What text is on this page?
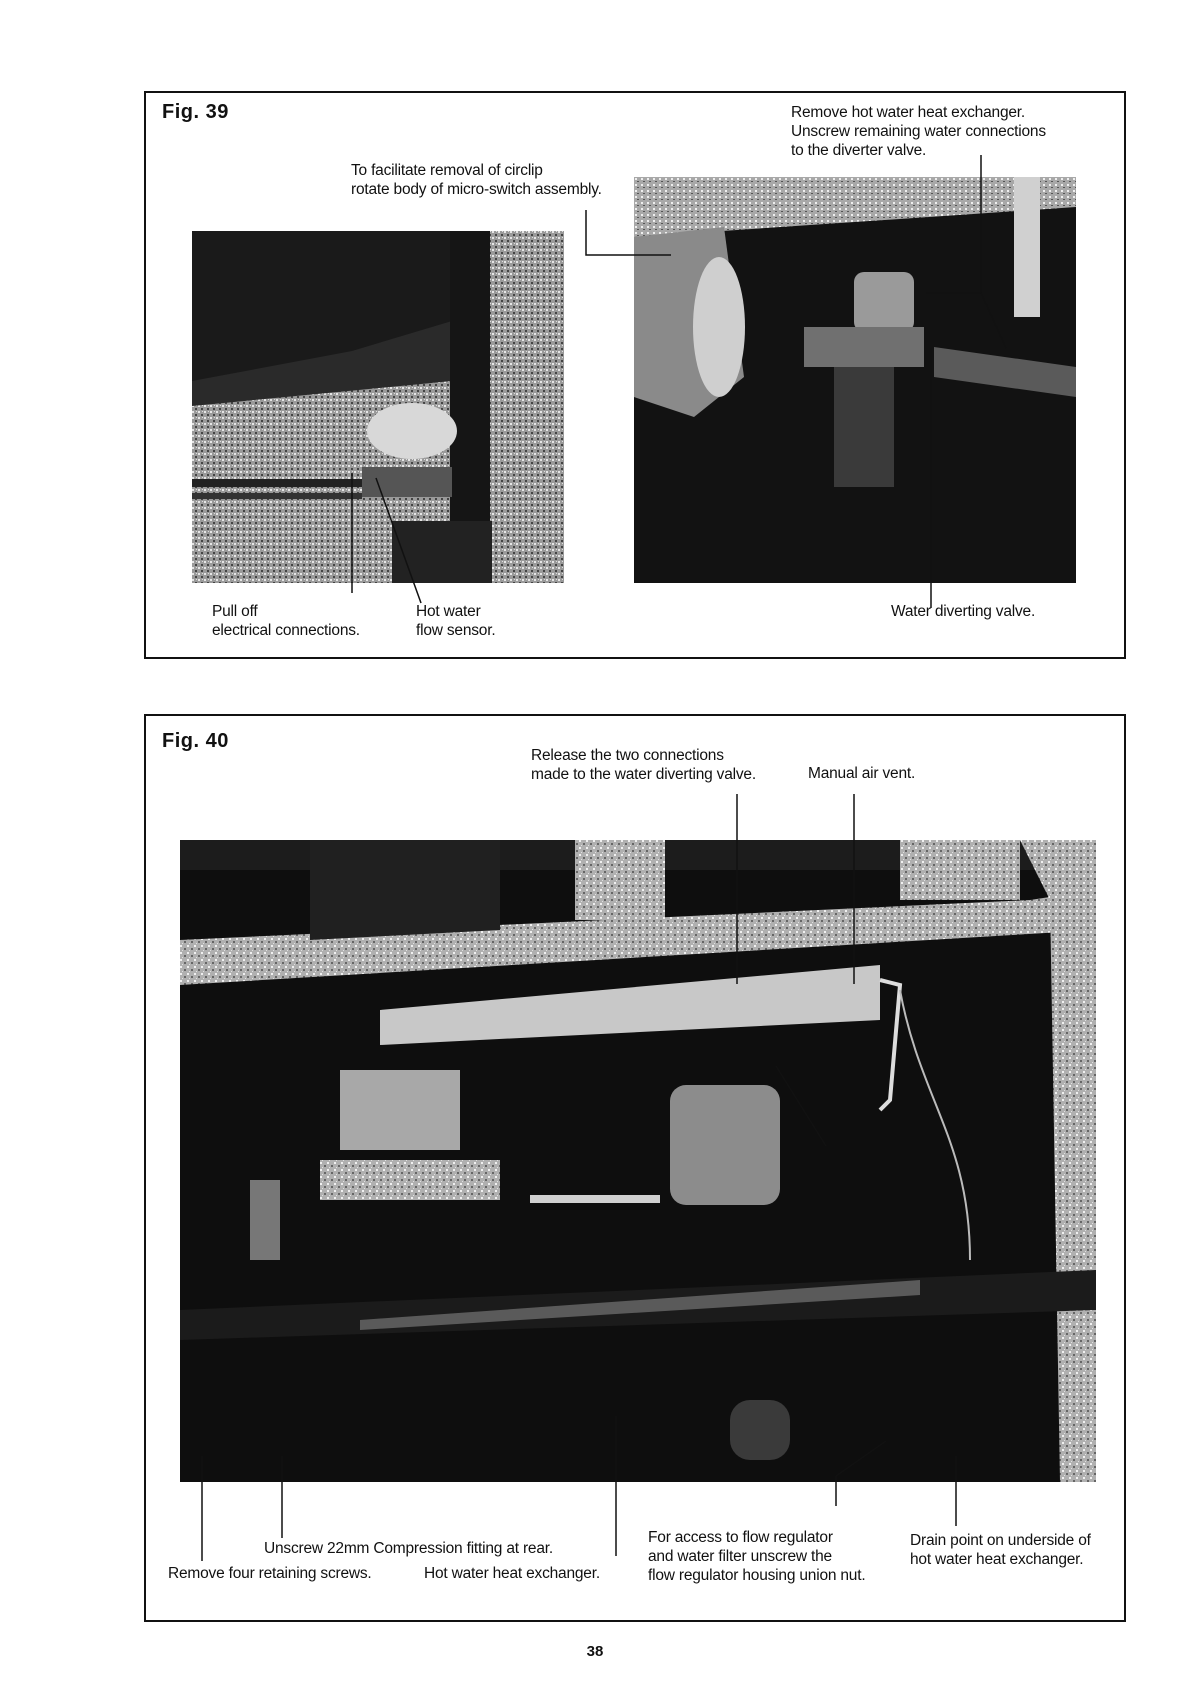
Fig. 39
To facilitate removal of circlip
rotate body of micro-switch assembly.
Remove hot water heat exchanger.
Unscrew remaining water connections
to the diverter valve.
Pull off
electrical connections.
Hot water
flow sensor.
Water diverting valve.
Fig. 40
Release the two connections
made to the water diverting valve.	Manual air vent.
Unscrew 22mm Compression fitting at rear.
Remove four retaining screws.	Hot water heat exchanger.
For access to flow regulator
and water filter unscrew the
flow regulator housing union nut.
Drain point on underside of
hot water heat exchanger.
38
